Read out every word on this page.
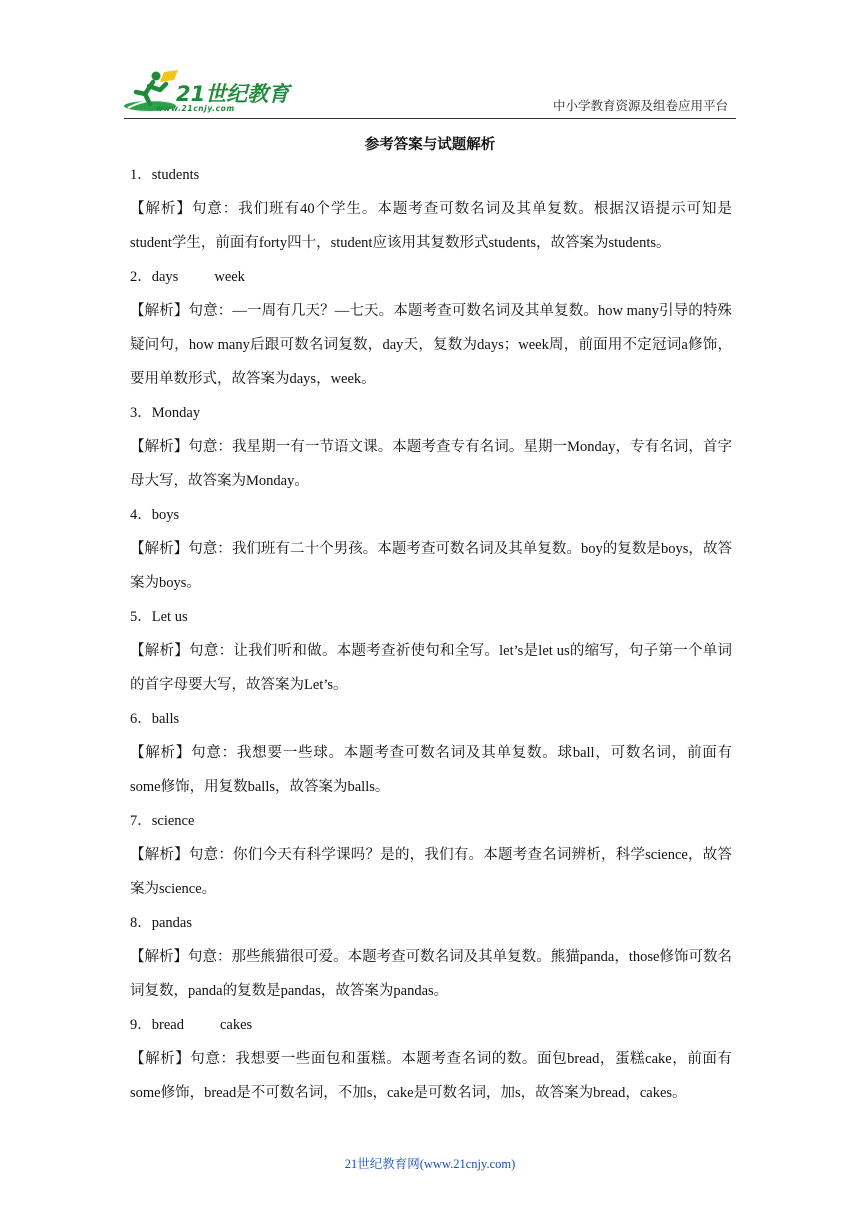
21世纪教育
www.21cnjy.com	中小学教育资源及组卷应用平台
参考答案与试题解析
1．students
【解析】句意：我们班有40个学生。本题考查可数名词及其单复数。根据汉语提示可知是student学生，前面有forty四十，student应该用其复数形式students，故答案为students。
2．days week
【解析】句意：—一周有几天？—七天。本题考查可数名词及其单复数。how many引导的特殊疑问句，how many后跟可数名词复数，day天，复数为days；week周，前面用不定冠词a修饰，要用单数形式，故答案为days，week。
3．Monday
【解析】句意：我星期一有一节语文课。本题考查专有名词。星期一Monday，专有名词，首字母大写，故答案为Monday。
4．boys
【解析】句意：我们班有二十个男孩。本题考查可数名词及其单复数。boy的复数是boys，故答案为boys。
5．Let us
【解析】句意：让我们听和做。本题考查祈使句和全写。let’s是let us的缩写，句子第一个单词的首字母要大写，故答案为Let’s。
6．balls
【解析】句意：我想要一些球。本题考查可数名词及其单复数。球ball，可数名词，前面有some修饰，用复数balls，故答案为balls。
7．science
【解析】句意：你们今天有科学课吗？是的，我们有。本题考查名词辨析，科学science，故答案为science。
8．pandas
【解析】句意：那些熊猫很可爱。本题考查可数名词及其单复数。熊猫panda，those修饰可数名词复数，panda的复数是pandas，故答案为pandas。
9．bread cakes
【解析】句意：我想要一些面包和蛋糕。本题考查名词的数。面包bread，蛋糕cake，前面有some修饰，bread是不可数名词，不加s，cake是可数名词，加s，故答案为bread，cakes。
21世纪教育网(www.21cnjy.com)
